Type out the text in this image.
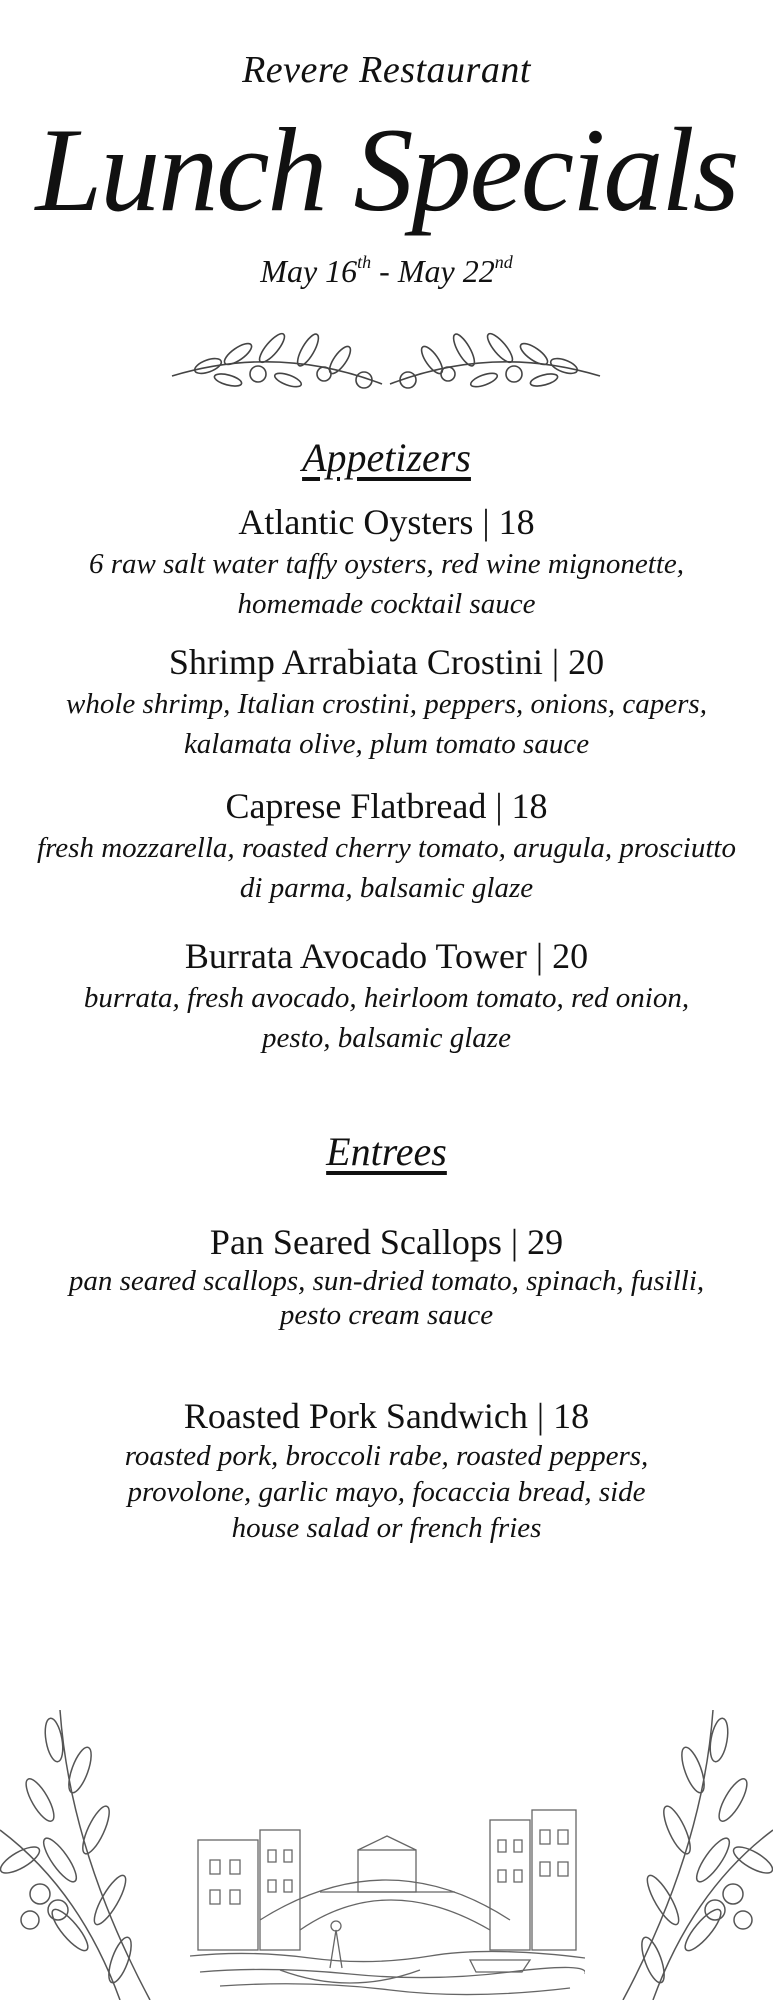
Revere Restaurant
Lunch Specials
May 16th - May 22nd
Appetizers
Atlantic Oysters | 18
6 raw salt water taffy oysters, red wine mignonette, homemade cocktail sauce
Shrimp Arrabiata Crostini | 20
whole shrimp, Italian crostini, peppers, onions, capers, kalamata olive, plum tomato sauce
Caprese Flatbread | 18
fresh mozzarella, roasted cherry tomato, arugula, prosciutto di parma, balsamic glaze
Burrata Avocado Tower | 20
burrata, fresh avocado, heirloom tomato, red onion, pesto, balsamic glaze
Entrees
Pan Seared Scallops | 29
pan seared scallops, sun-dried tomato, spinach, fusilli, pesto cream sauce
Roasted Pork Sandwich | 18
roasted pork, broccoli rabe, roasted peppers, provolone, garlic mayo, focaccia bread, side house salad or french fries
